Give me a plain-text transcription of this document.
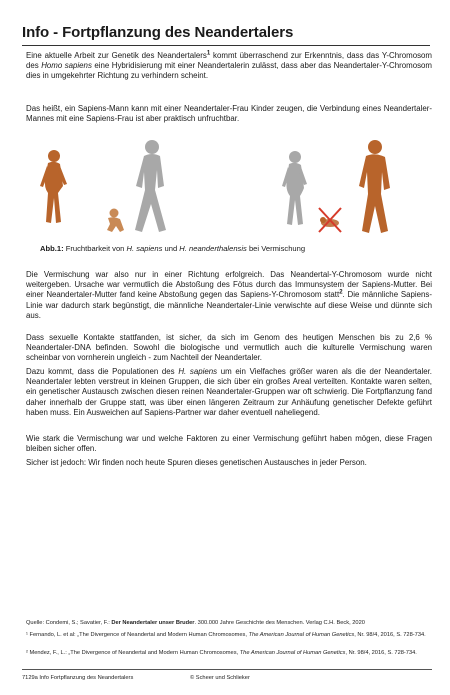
Info - Fortpflanzung des Neandertalers
Eine aktuelle Arbeit zur Genetik des Neandertalers$^1$ kommt überraschend zur Erkenntnis, dass das Y-Chromosom des Homo sapiens eine Hybridisierung mit einer Neandertalerin zulässt, dass aber das Neandertaler-Y-Chromosom dies in umgekehrter Richtung zu verhindern scheint.
Das heißt, ein Sapiens-Mann kann mit einer Neandertaler-Frau Kinder zeugen, die Verbindung eines Neandertaler-Mannes mit eine Sapiens-Frau ist aber praktisch unfruchtbar.
Abb.1: Fruchtbarkeit von H. sapiens und H. neanderthalensis bei Vermischung
Die Vermischung war also nur in einer Richtung erfolgreich. Das Neandertal-Y-Chromosom wurde nicht weitergeben. Ursache war vermutlich die Abstoßung des Fötus durch das Immunsystem der Sapiens-Mutter. Bei einer Neandertaler-Mutter fand keine Abstoßung gegen das Sapiens-Y-Chromosom statt$^2$. Die männliche Sapiens-Linie war dadurch stark begünstigt, die männliche Neandertaler-Linie verwischte auf diese Weise und dünnte sich aus.
Dass sexuelle Kontakte stattfanden, ist sicher, da sich im Genom des heutigen Menschen bis zu 2,6 % Neandertaler-DNA befinden. Sowohl die biologische und vermutlich auch die kulturelle Vermischung waren scheinbar von vornherein ungleich - zum Nachteil der Neandertaler.
Dazu kommt, dass die Populationen des H. sapiens um ein Vielfaches größer waren als die der Neandertaler. Neandertaler lebten verstreut in kleinen Gruppen, die sich über ein großes Areal verteilten. Kontakte waren selten, ein genetischer Austausch zwischen diesen reinen Neandertaler-Gruppen war oft schwierig. Die Fortpflanzung fand daher innerhalb der Gruppe statt, was über einen längeren Zeitraum zur Anhäufung genetischer Defekte geführt haben muss. Ein Ausweichen auf Sapiens-Partner war daher eventuell naheliegend.
Wie stark die Vermischung war und welche Faktoren zu einer Vermischung geführt haben mögen, diese Fragen bleiben sicher offen.
Sicher ist jedoch: Wir finden noch heute Spuren dieses genetischen Austausches in jeder Person.
Quelle: Condemi, S.; Savatier, F.: Der Neandertaler unser Bruder. 300.000 Jahre Geschichte des Menschen. Verlag C.H. Beck, 2020
¹ Fernando, L. et al: „The Divergence of Neandertal and Modern Human Chromosomes, The American Journal of Human Genetics, Nr. 98/4, 2016, S. 728-734.
² Mendez, F., L.: „The Divergence of Neandertal and Modern Human Chromosomes, The American Journal of Human Genetics, Nr. 98/4, 2016, S. 728-734.
7129a Info Fortpflanzung des Neandertalers	© Scheer und Schlieker
